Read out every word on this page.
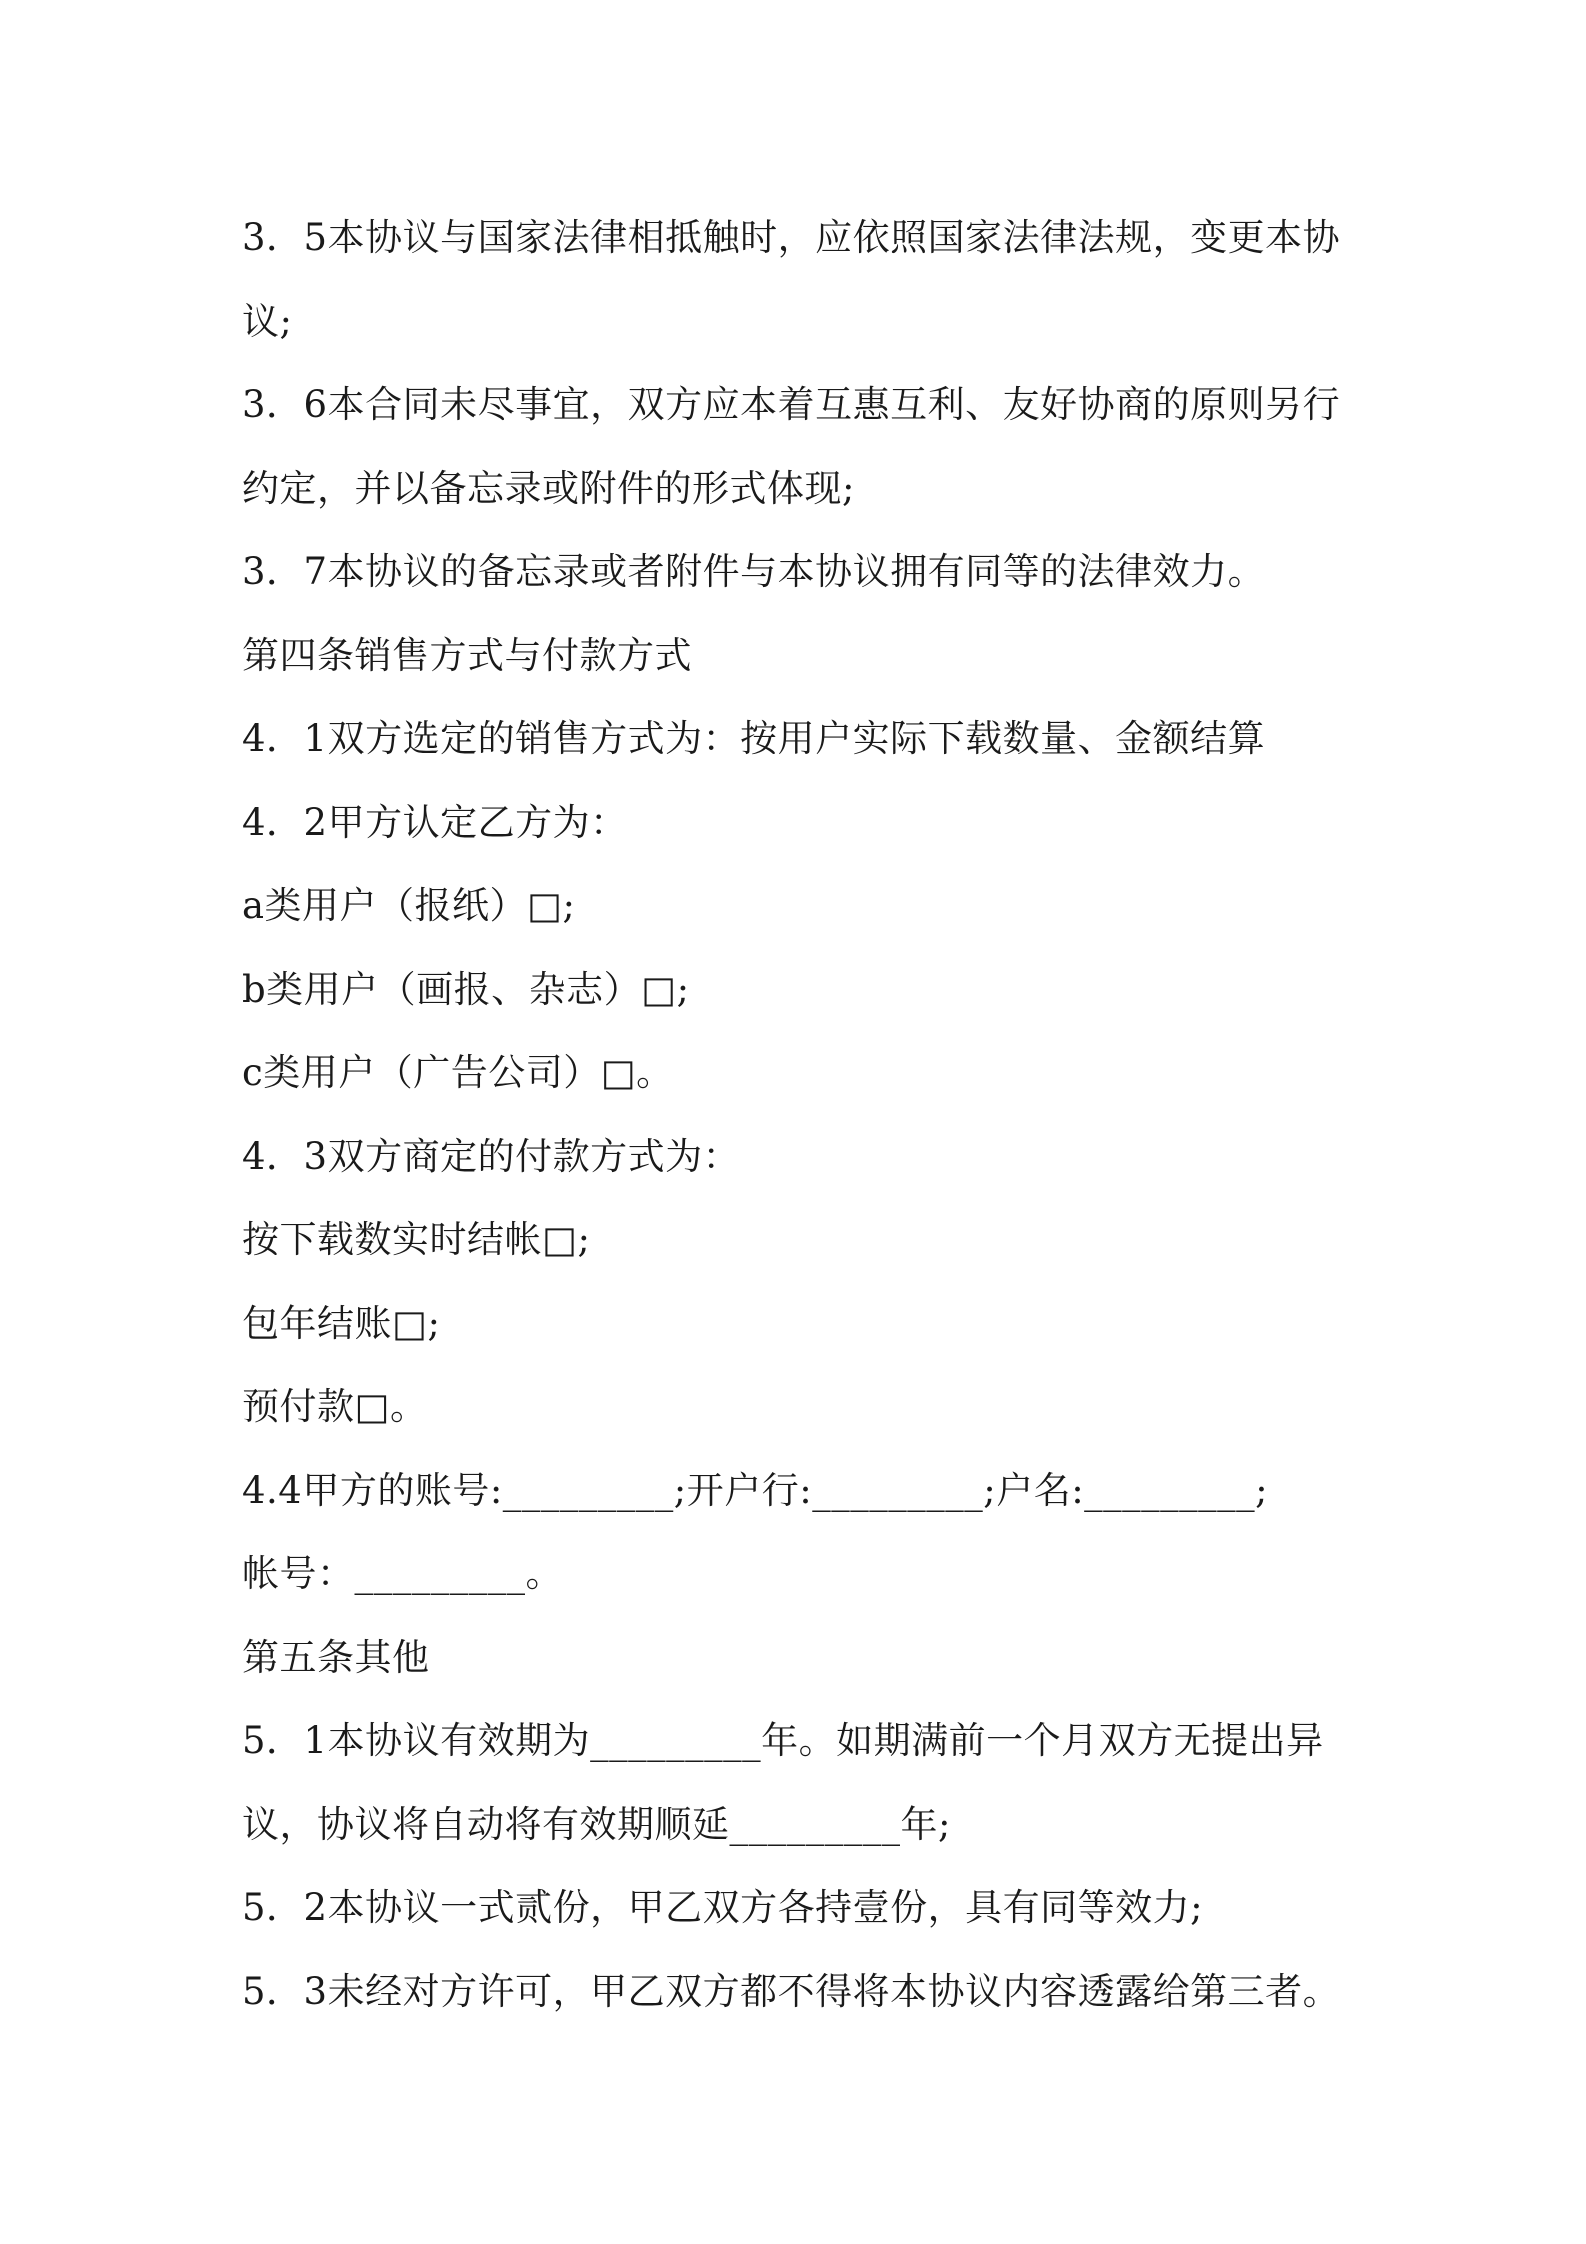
3．5本协议与国家法律相抵触时，应依照国家法律法规，变更本协
议;
3．6本合同未尽事宜，双方应本着互惠互利、友好协商的原则另行
约定，并以备忘录或附件的形式体现;
3．7本协议的备忘录或者附件与本协议拥有同等的法律效力。
第四条销售方式与付款方式
4．1双方选定的销售方式为：按用户实际下载数量、金额结算
4．2甲方认定乙方为：
a类用户（报纸）□;
b类用户（画报、杂志）□;
c类用户（广告公司）□。
4．3双方商定的付款方式为：
按下载数实时结帐□;
包年结账□;
预付款□。
4.4甲方的账号:_________;开户行:_________;户名:_________;
帐号：_________。
第五条其他
5．1本协议有效期为_________年。如期满前一个月双方无提出异
议，协议将自动将有效期顺延_________年;
5．2本协议一式贰份，甲乙双方各持壹份，具有同等效力;
5．3未经对方许可，甲乙双方都不得将本协议内容透露给第三者。
